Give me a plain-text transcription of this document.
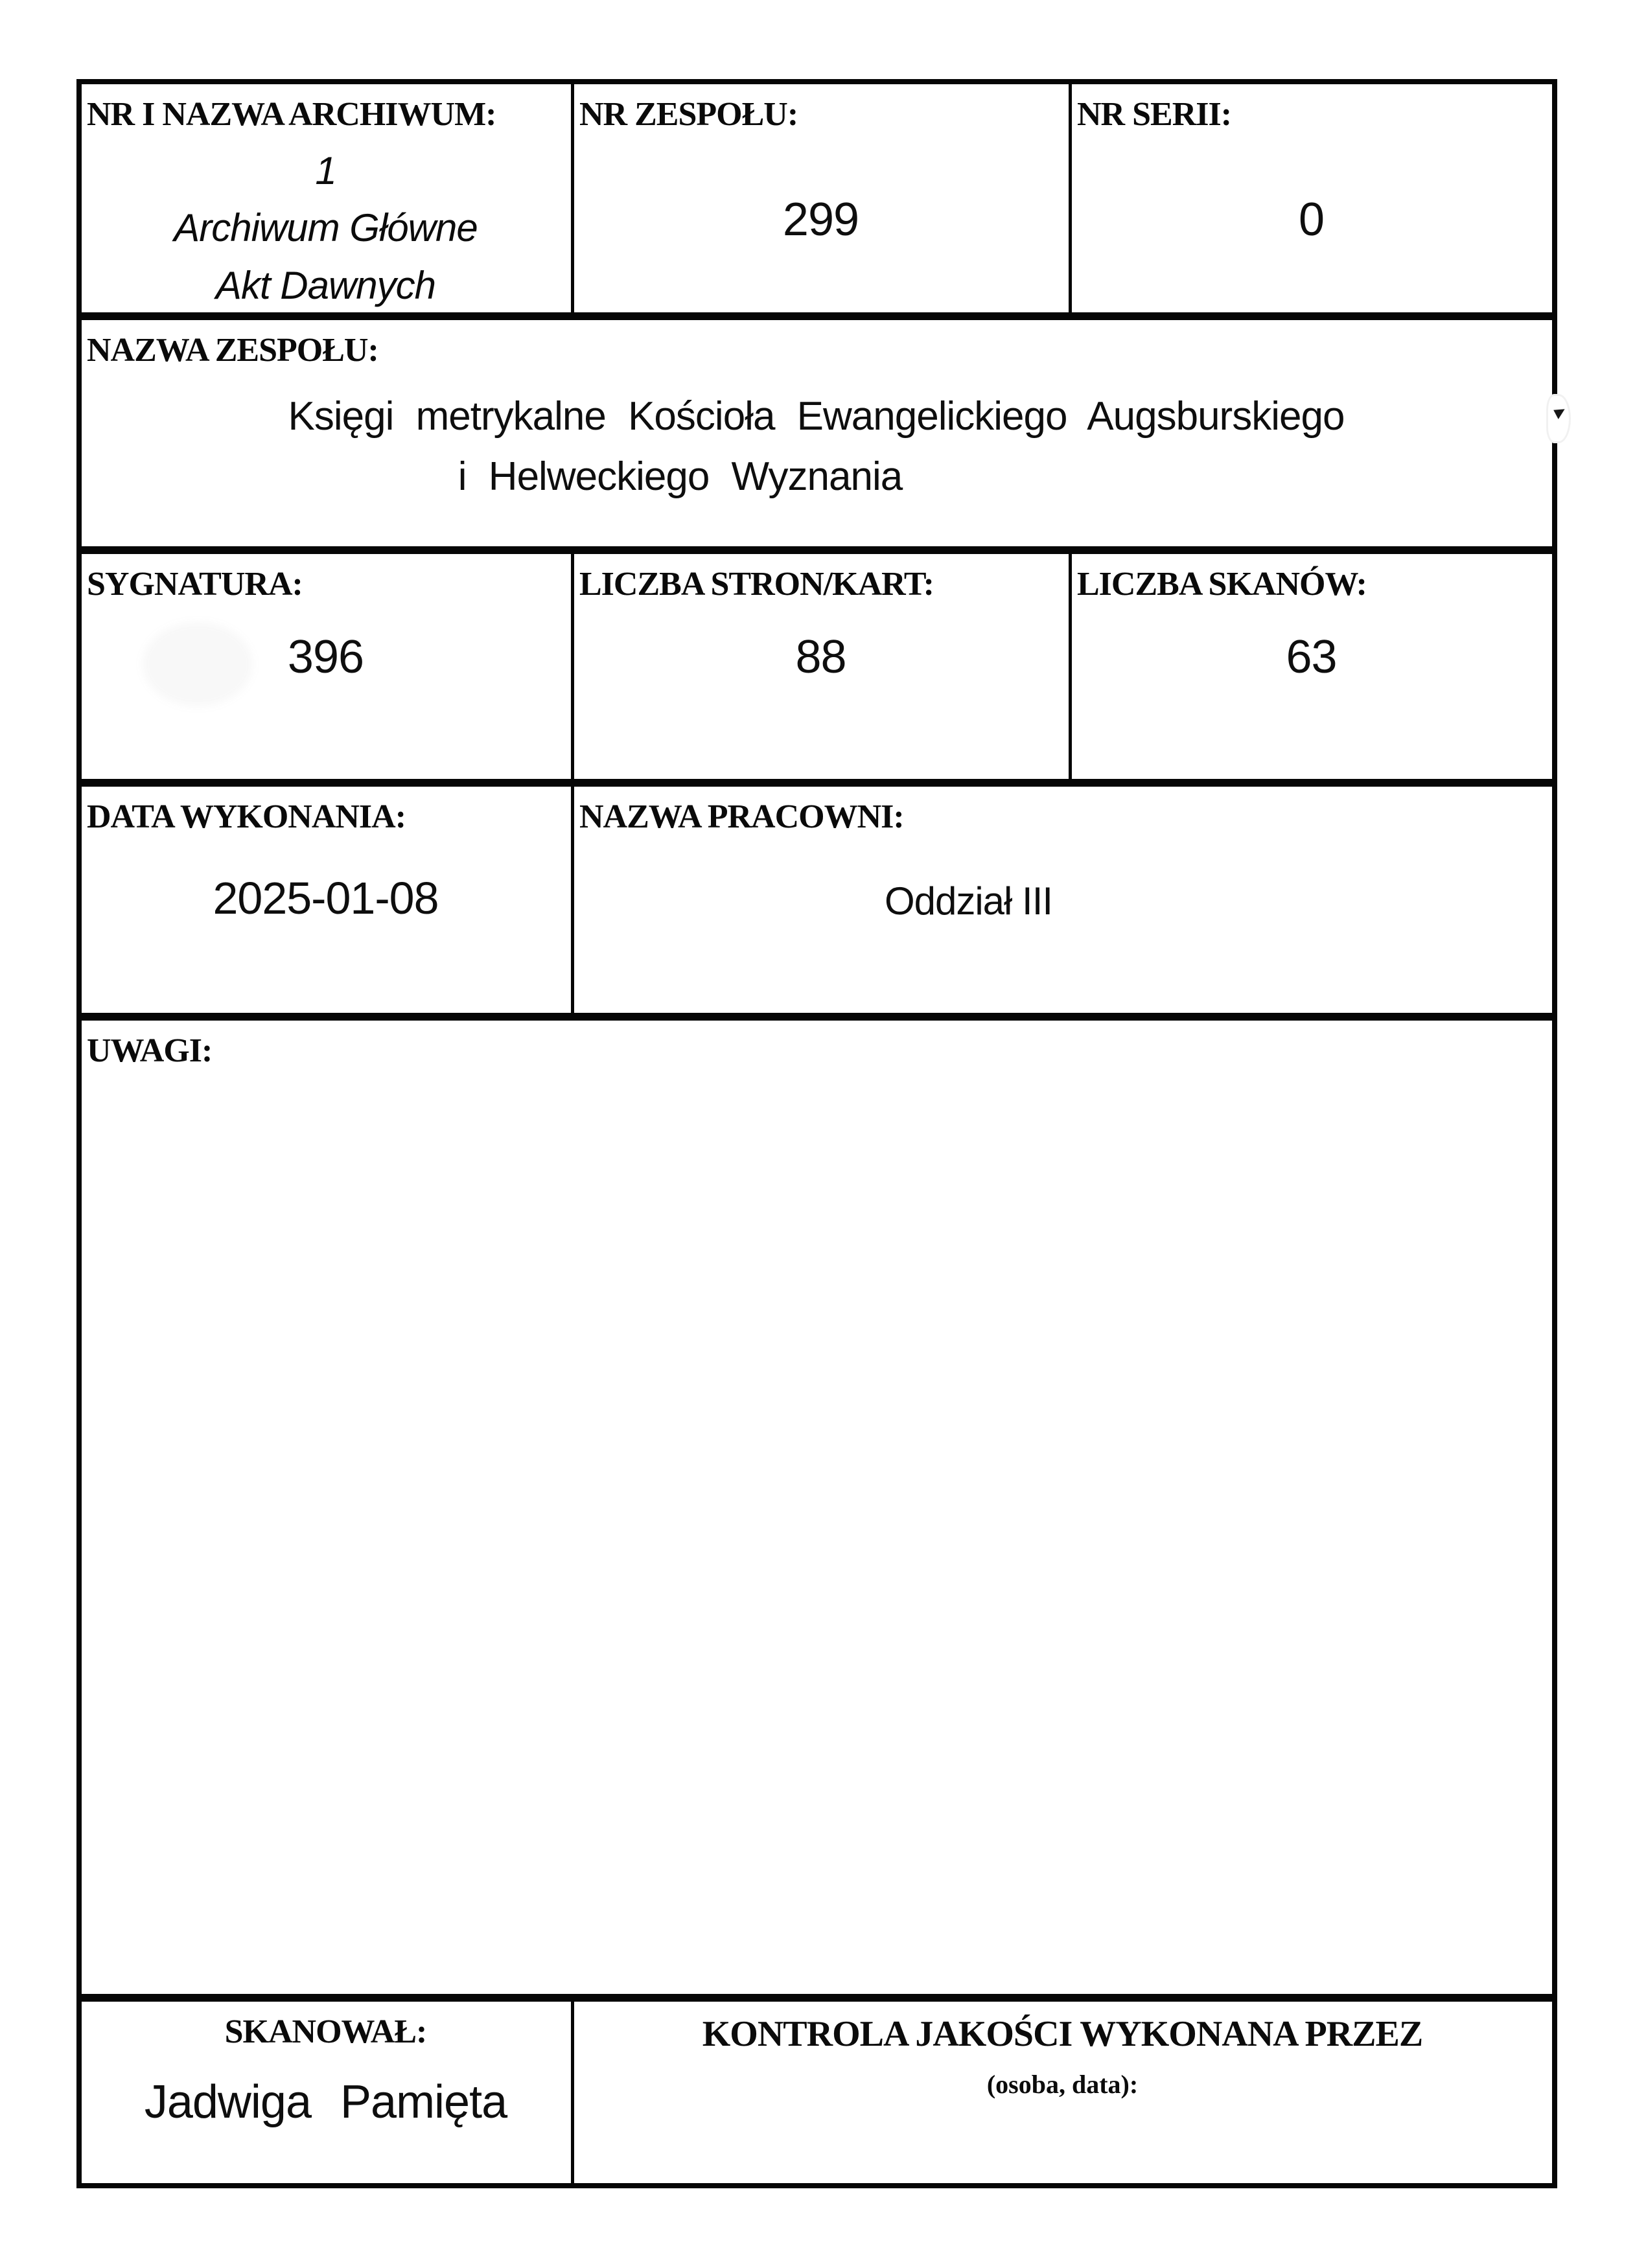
NR I NAZWA ARCHIWUM:
1
Archiwum Główne
Akt Dawnych
NR ZESPOŁU:
299
NR SERII:
0
NAZWA ZESPOŁU:
Księgi metrykalne Kościoła Ewangelickiego Augsburskiego
i Helweckiego Wyznania
SYGNATURA:
396
LICZBA STRON/KART:
88
LICZBA SKANÓW:
63
DATA WYKONANIA:
2025-01-08
NAZWA PRACOWNI:
Oddział III
UWAGI:
SKANOWAŁ:
Jadwiga Pamięta
KONTROLA JAKOŚCI WYKONANA PRZEZ
(osoba, data):
